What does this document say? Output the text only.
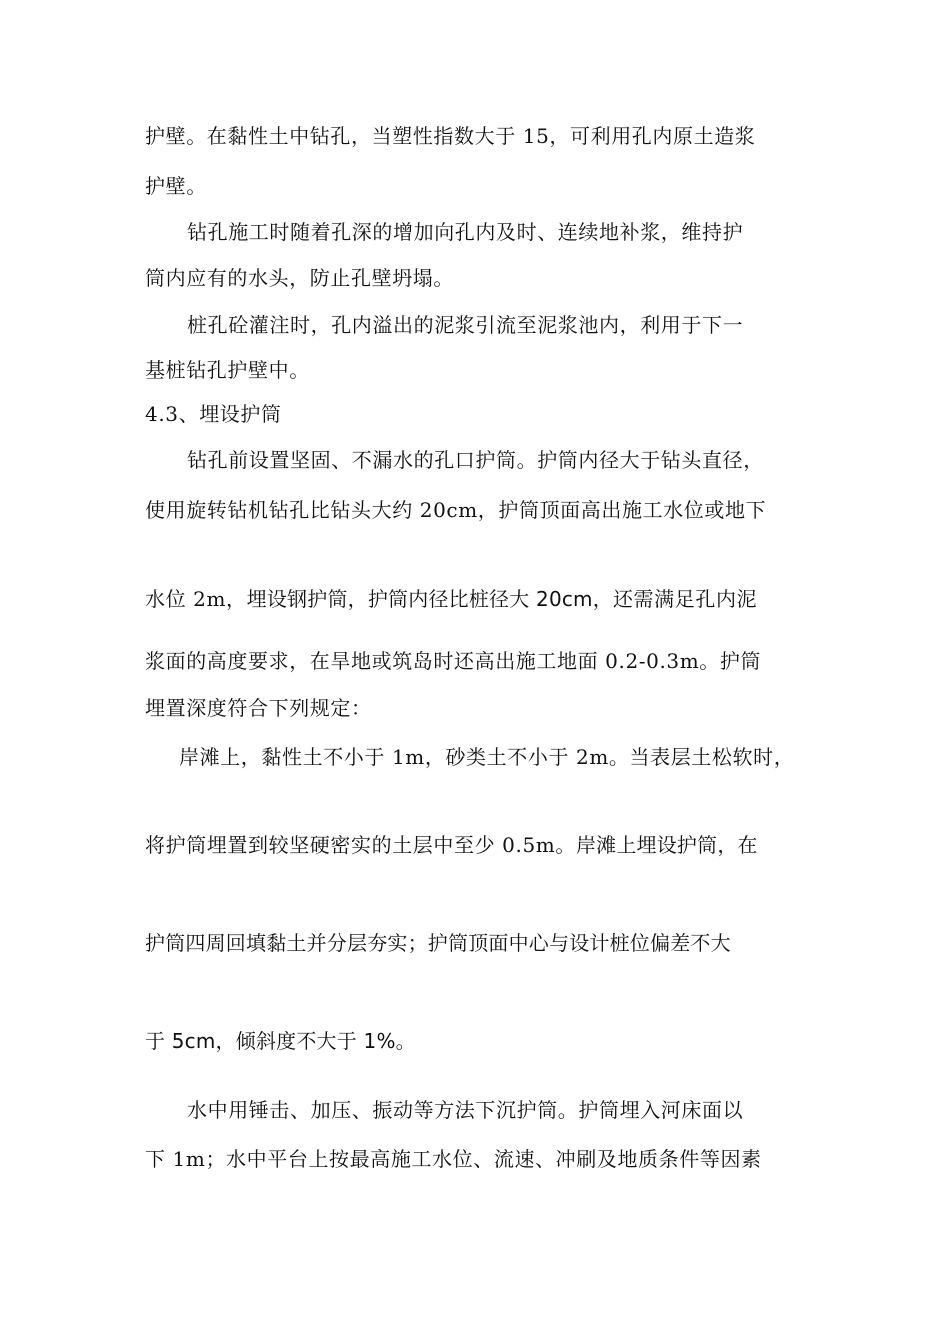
护壁。在黏性土中钻孔，当塑性指数大于 15，可利用孔内原土造浆
护壁。
钻孔施工时随着孔深的增加向孔内及时、连续地补浆，维持护
筒内应有的水头，防止孔壁坍塌。
桩孔砼灌注时，孔内溢出的泥浆引流至泥浆池内，利用于下一
基桩钻孔护壁中。
4.3、埋设护筒
钻孔前设置坚固、不漏水的孔口护筒。护筒内径大于钻头直径，
使用旋转钻机钻孔比钻头大约 20cm，护筒顶面高出施工水位或地下
水位 2m，埋设钢护筒，护筒内径比桩径大 20cm，还需满足孔内泥
浆面的高度要求，在旱地或筑岛时还高出施工地面 0.2-0.3m。护筒
埋置深度符合下列规定：
岸滩上，黏性土不小于 1m，砂类土不小于 2m。当表层土松软时，
将护筒埋置到较坚硬密实的土层中至少 0.5m。岸滩上埋设护筒，在
护筒四周回填黏土并分层夯实；护筒顶面中心与设计桩位偏差不大
于 5cm，倾斜度不大于 1%。
水中用锤击、加压、振动等方法下沉护筒。护筒埋入河床面以
下 1m；水中平台上按最高施工水位、流速、冲刷及地质条件等因素
